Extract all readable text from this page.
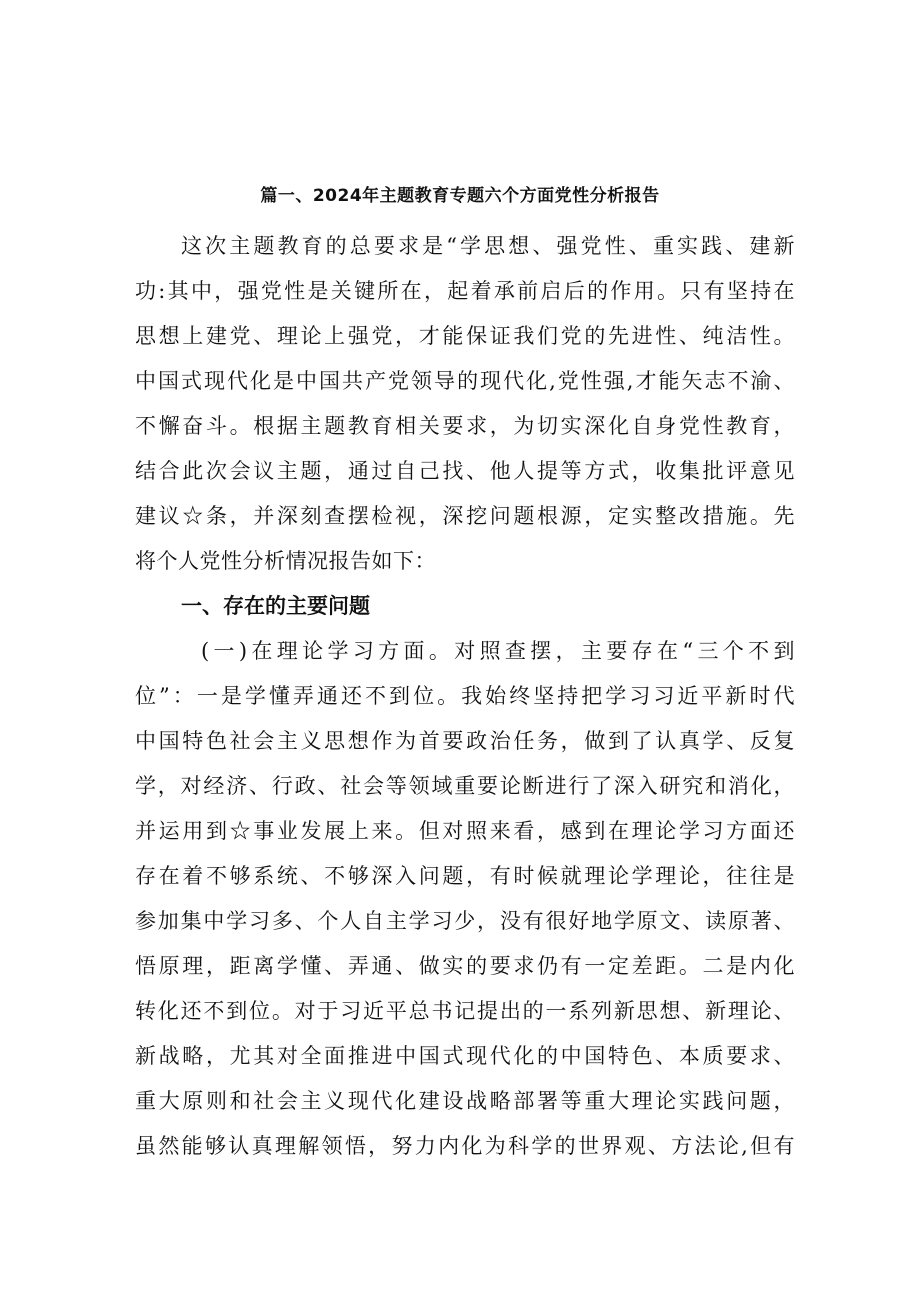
篇一、2024年主题教育专题六个方面党性分析报告
这次主题教育的总要求是“学思想、强党性、重实践、建新
功:其中，强党性是关键所在，起着承前启后的作用。只有坚持在
思想上建党、理论上强党，才能保证我们党的先进性、纯洁性。
中国式现代化是中国共产党领导的现代化,党性强,才能矢志不渝、
不懈奋斗。根据主题教育相关要求，为切实深化自身党性教育，
结合此次会议主题，通过自己找、他人提等方式，收集批评意见
建议☆条，并深刻查摆检视，深挖问题根源，定实整改措施。先
将个人党性分析情况报告如下：
一、存在的主要问题
(一)在理论学习方面。对照查摆，主要存在“三个不到
位”：一是学懂弄通还不到位。我始终坚持把学习习近平新时代
中国特色社会主义思想作为首要政治任务，做到了认真学、反复
学，对经济、行政、社会等领域重要论断进行了深入研究和消化，
并运用到☆事业发展上来。但对照来看，感到在理论学习方面还
存在着不够系统、不够深入问题，有时候就理论学理论，往往是
参加集中学习多、个人自主学习少，没有很好地学原文、读原著、
悟原理，距离学懂、弄通、做实的要求仍有一定差距。二是内化
转化还不到位。对于习近平总书记提出的一系列新思想、新理论、
新战略，尤其对全面推进中国式现代化的中国特色、本质要求、
重大原则和社会主义现代化建设战略部署等重大理论实践问题，
虽然能够认真理解领悟，努力内化为科学的世界观、方法论,但有
